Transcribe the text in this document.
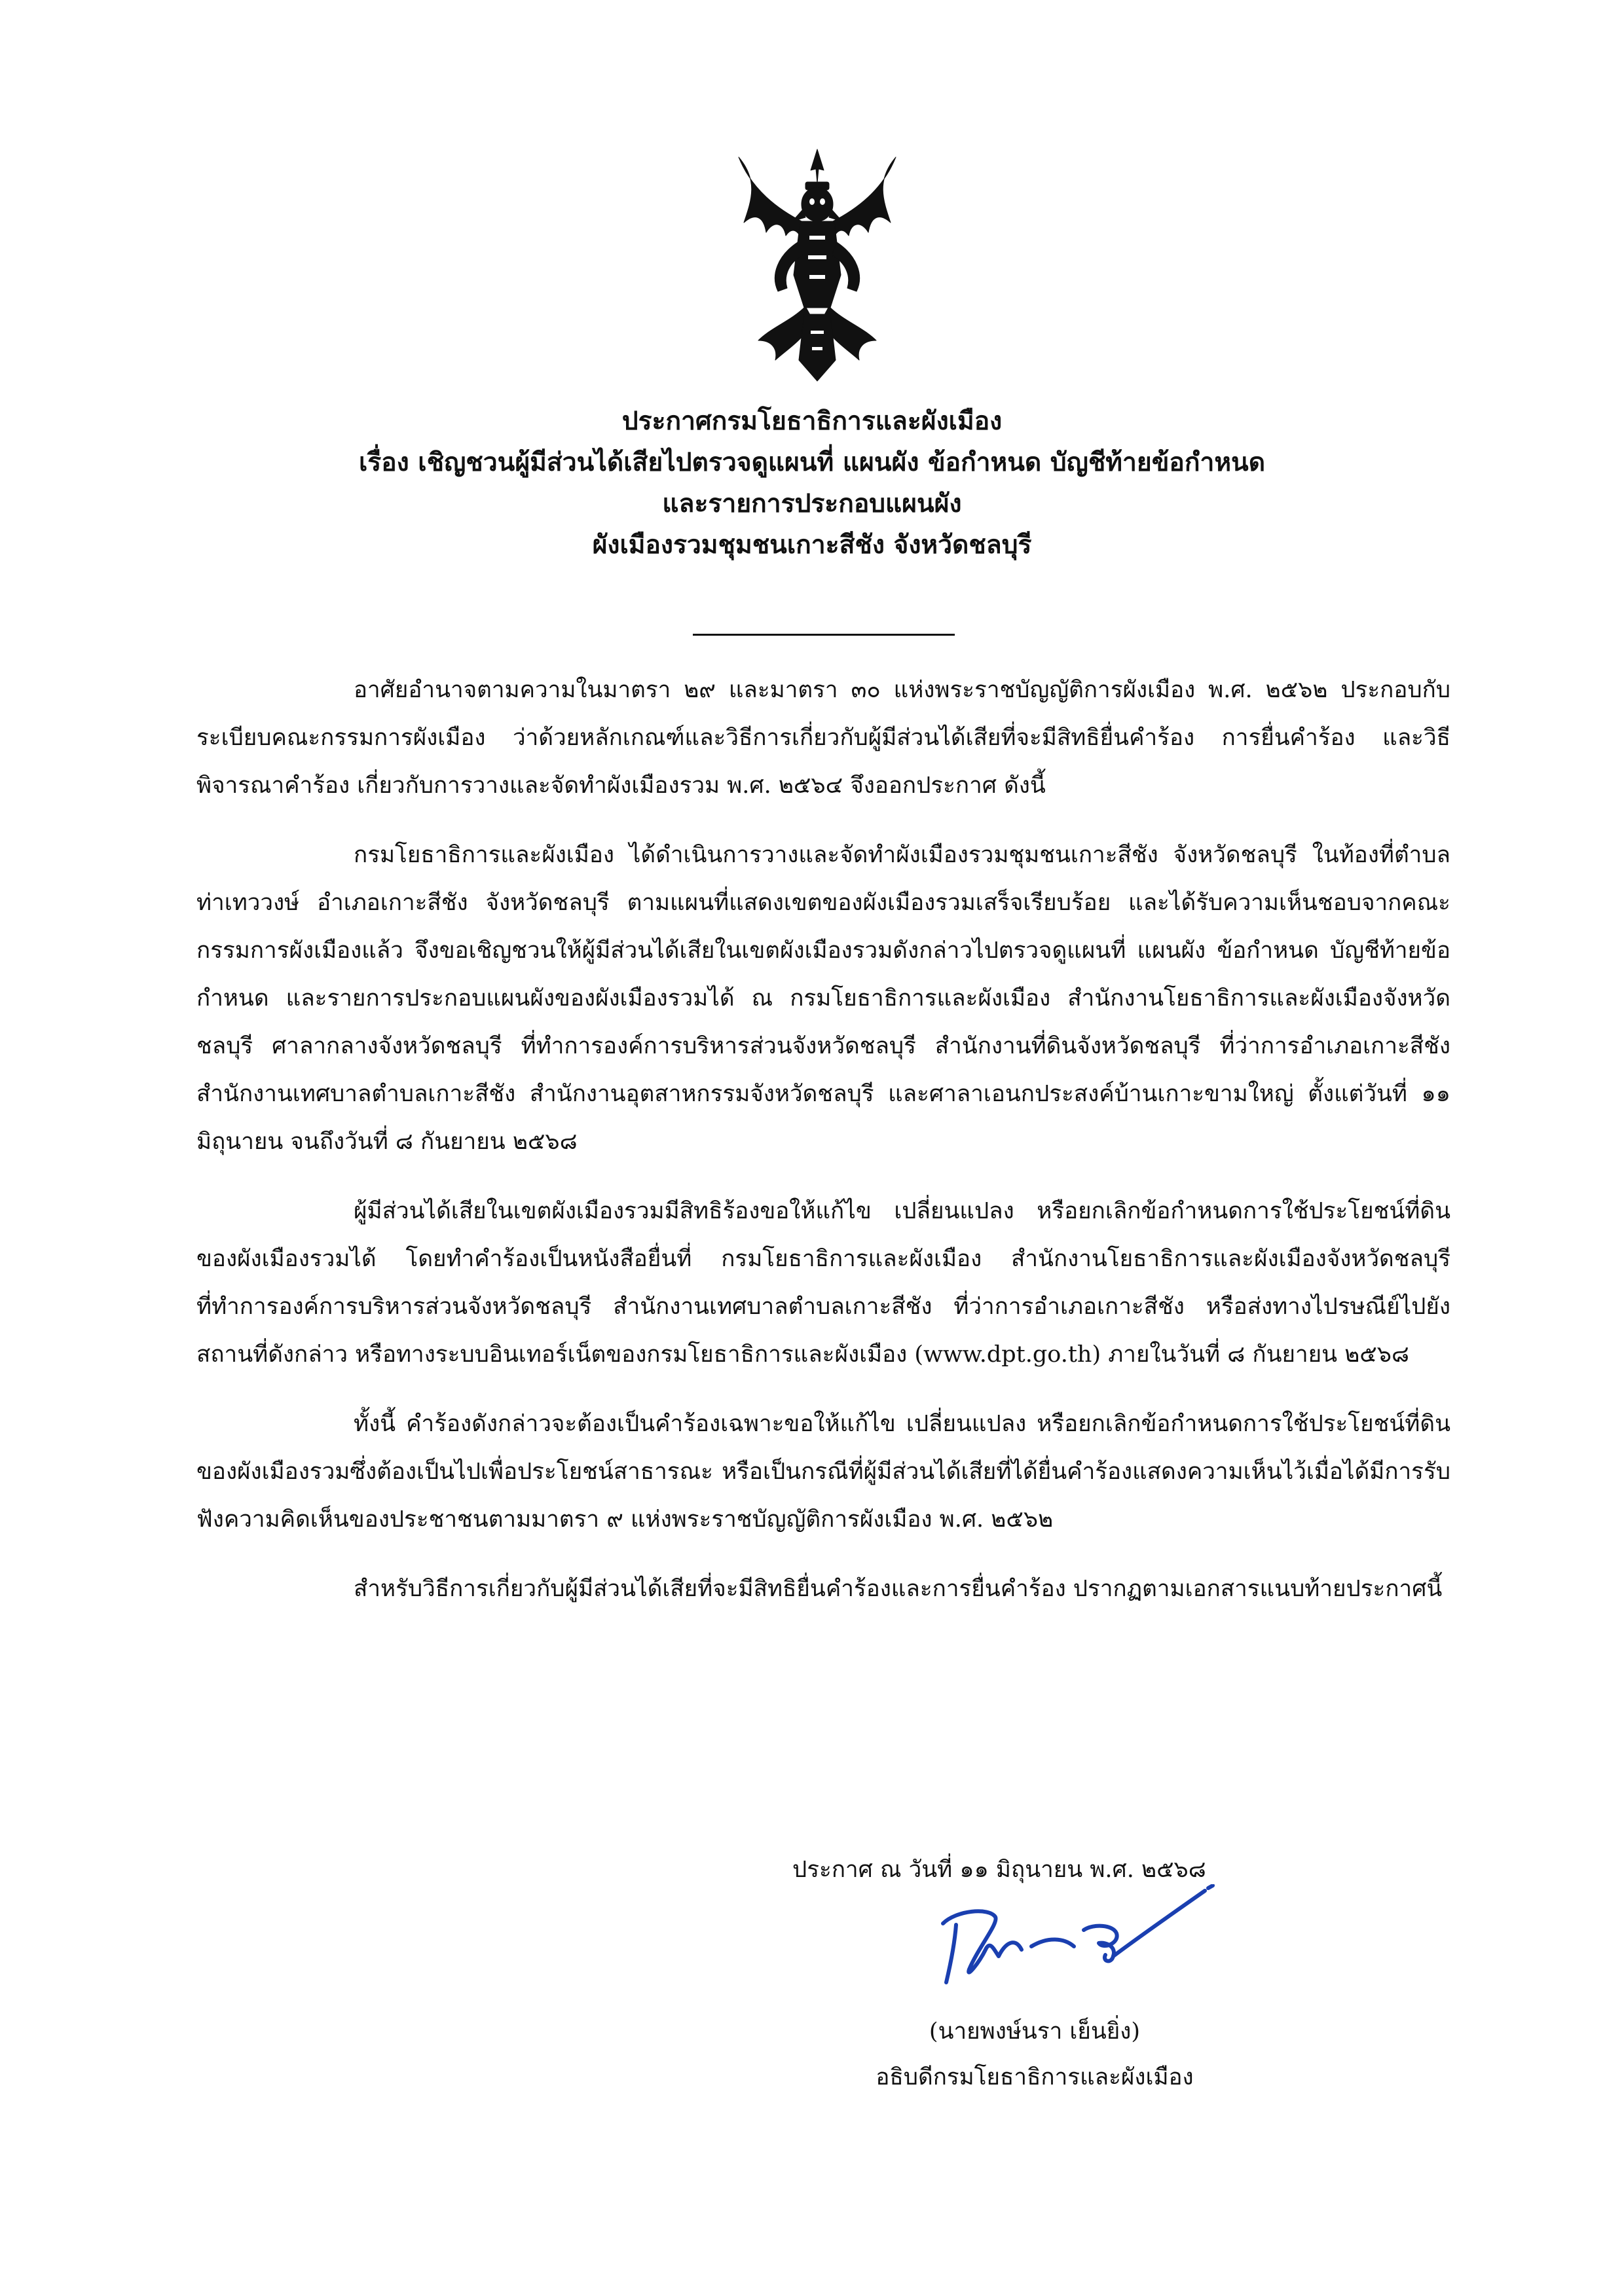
ประกาศกรมโยธาธิการและผังเมือง
เรื่อง เชิญชวนผู้มีส่วนได้เสียไปตรวจดูแผนที่ แผนผัง ข้อกำหนด บัญชีท้ายข้อกำหนด
และรายการประกอบแผนผัง
ผังเมืองรวมชุมชนเกาะสีชัง จังหวัดชลบุรี

อาศัยอำนาจตามความในมาตรา ๒๙ และมาตรา ๓๐ แห่งพระราชบัญญัติการผังเมือง พ.ศ. ๒๕๖๒ ประกอบกับระเบียบคณะกรรมการผังเมือง ว่าด้วยหลักเกณฑ์และวิธีการเกี่ยวกับผู้มีส่วนได้เสียที่จะมีสิทธิยื่นคำร้อง การยื่นคำร้อง และวิธีพิจารณาคำร้อง เกี่ยวกับการวางและจัดทำผังเมืองรวม พ.ศ. ๒๕๖๔ จึงออกประกาศ ดังนี้

กรมโยธาธิการและผังเมือง ได้ดำเนินการวางและจัดทำผังเมืองรวมชุมชนเกาะสีชัง จังหวัดชลบุรี ในท้องที่ตำบลท่าเทววงษ์ อำเภอเกาะสีชัง จังหวัดชลบุรี ตามแผนที่แสดงเขตของผังเมืองรวมเสร็จเรียบร้อย และได้รับความเห็นชอบจากคณะกรรมการผังเมืองแล้ว จึงขอเชิญชวนให้ผู้มีส่วนได้เสียในเขตผังเมืองรวมดังกล่าวไปตรวจดูแผนที่ แผนผัง ข้อกำหนด บัญชีท้ายข้อกำหนด และรายการประกอบแผนผังของผังเมืองรวมได้ ณ กรมโยธาธิการและผังเมือง สำนักงานโยธาธิการและผังเมืองจังหวัดชลบุรี ศาลากลางจังหวัดชลบุรี ที่ทำการองค์การบริหารส่วนจังหวัดชลบุรี สำนักงานที่ดินจังหวัดชลบุรี ที่ว่าการอำเภอเกาะสีชัง สำนักงานเทศบาลตำบลเกาะสีชัง สำนักงานอุตสาหกรรมจังหวัดชลบุรี และศาลาเอนกประสงค์บ้านเกาะขามใหญ่ ตั้งแต่วันที่ ๑๑ มิถุนายน จนถึงวันที่ ๘ กันยายน ๒๕๖๘

ผู้มีส่วนได้เสียในเขตผังเมืองรวมมีสิทธิร้องขอให้แก้ไข เปลี่ยนแปลง หรือยกเลิกข้อกำหนดการใช้ประโยชน์ที่ดินของผังเมืองรวมได้ โดยทำคำร้องเป็นหนังสือยื่นที่ กรมโยธาธิการและผังเมือง สำนักงานโยธาธิการและผังเมืองจังหวัดชลบุรี ที่ทำการองค์การบริหารส่วนจังหวัดชลบุรี สำนักงานเทศบาลตำบลเกาะสีชัง ที่ว่าการอำเภอเกาะสีชัง หรือส่งทางไปรษณีย์ไปยังสถานที่ดังกล่าว หรือทางระบบอินเทอร์เน็ตของกรมโยธาธิการและผังเมือง (www.dpt.go.th) ภายในวันที่ ๘ กันยายน ๒๕๖๘

ทั้งนี้ คำร้องดังกล่าวจะต้องเป็นคำร้องเฉพาะขอให้แก้ไข เปลี่ยนแปลง หรือยกเลิกข้อกำหนดการใช้ประโยชน์ที่ดินของผังเมืองรวมซึ่งต้องเป็นไปเพื่อประโยชน์สาธารณะ หรือเป็นกรณีที่ผู้มีส่วนได้เสียที่ได้ยื่นคำร้องแสดงความเห็นไว้เมื่อได้มีการรับฟังความคิดเห็นของประชาชนตามมาตรา ๙ แห่งพระราชบัญญัติการผังเมือง พ.ศ. ๒๕๖๒

สำหรับวิธีการเกี่ยวกับผู้มีส่วนได้เสียที่จะมีสิทธิยื่นคำร้องและการยื่นคำร้อง ปรากฏตามเอกสารแนบท้ายประกาศนี้

ประกาศ ณ วันที่ ๑๑ มิถุนายน พ.ศ. ๒๕๖๘
(นายพงษ์นรา เย็นยิ่ง)
อธิบดีกรมโยธาธิการและผังเมือง
